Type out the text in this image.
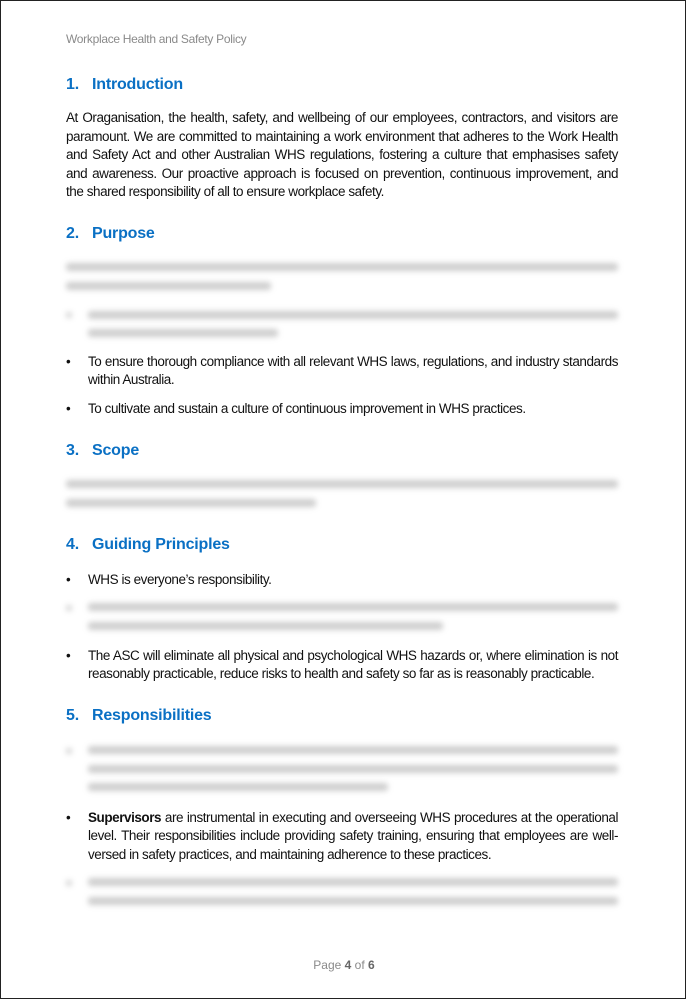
Workplace Health and Safety Policy
1. Introduction
At Oraganisation, the health, safety, and wellbeing of our employees, contractors, and visitors are paramount. We are committed to maintaining a work environment that adheres to the Work Health and Safety Act and other Australian WHS regulations, fostering a culture that emphasises safety and awareness. Our proactive approach is focused on prevention, continuous improvement, and the shared responsibility of all to ensure workplace safety.
2. Purpose
• To ensure thorough compliance with all relevant WHS laws, regulations, and industry standards within Australia.
• To cultivate and sustain a culture of continuous improvement in WHS practices.
3. Scope
4. Guiding Principles
• WHS is everyone’s responsibility.
• The ASC will eliminate all physical and psychological WHS hazards or, where elimination is not reasonably practicable, reduce risks to health and safety so far as is reasonably practicable.
5. Responsibilities
• Supervisors are instrumental in executing and overseeing WHS procedures at the operational level. Their responsibilities include providing safety training, ensuring that employees are well-versed in safety practices, and maintaining adherence to these practices.
Page 4 of 6
